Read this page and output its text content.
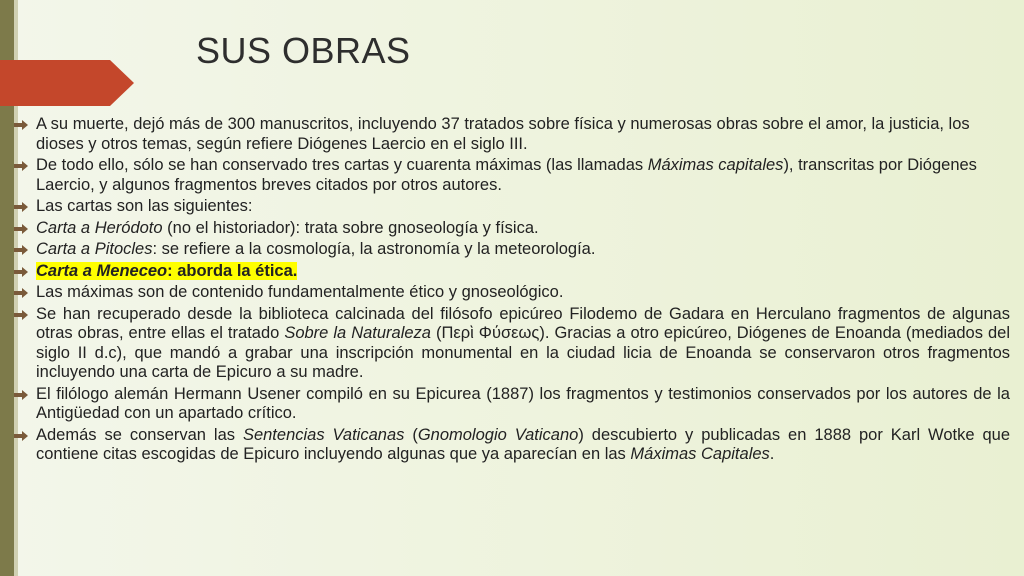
SUS OBRAS
A su muerte, dejó más de 300 manuscritos, incluyendo 37 tratados sobre física y numerosas obras sobre el amor, la justicia, los dioses y otros temas, según refiere Diógenes Laercio en el siglo III.
De todo ello, sólo se han conservado tres cartas y cuarenta máximas (las llamadas Máximas capitales), transcritas por Diógenes Laercio, y algunos fragmentos breves citados por otros autores.
Las cartas son las siguientes:
Carta a Heródoto (no el historiador): trata sobre gnoseología y física.
Carta a Pitocles: se refiere a la cosmología, la astronomía y la meteorología.
Carta a Meneceo: aborda la ética.
Las máximas son de contenido fundamentalmente ético y gnoseológico.
Se han recuperado desde la biblioteca calcinada del filósofo epicúreo Filodemo de Gadara en Herculano fragmentos de algunas otras obras, entre ellas el tratado Sobre la Naturaleza (Περὶ Φύσεως). Gracias a otro epicúreo, Diógenes de Enoanda (mediados del siglo II d.c), que mandó a grabar una inscripción monumental en la ciudad licia de Enoanda se conservaron otros fragmentos incluyendo una carta de Epicuro a su madre.
El filólogo alemán Hermann Usener compiló en su Epicurea (1887) los fragmentos y testimonios conservados por los autores de la Antigüedad con un apartado crítico.
Además se conservan las Sentencias Vaticanas (Gnomologio Vaticano) descubierto y publicadas en 1888 por Karl Wotke que contiene citas escogidas de Epicuro incluyendo algunas que ya aparecían en las Máximas Capitales.
